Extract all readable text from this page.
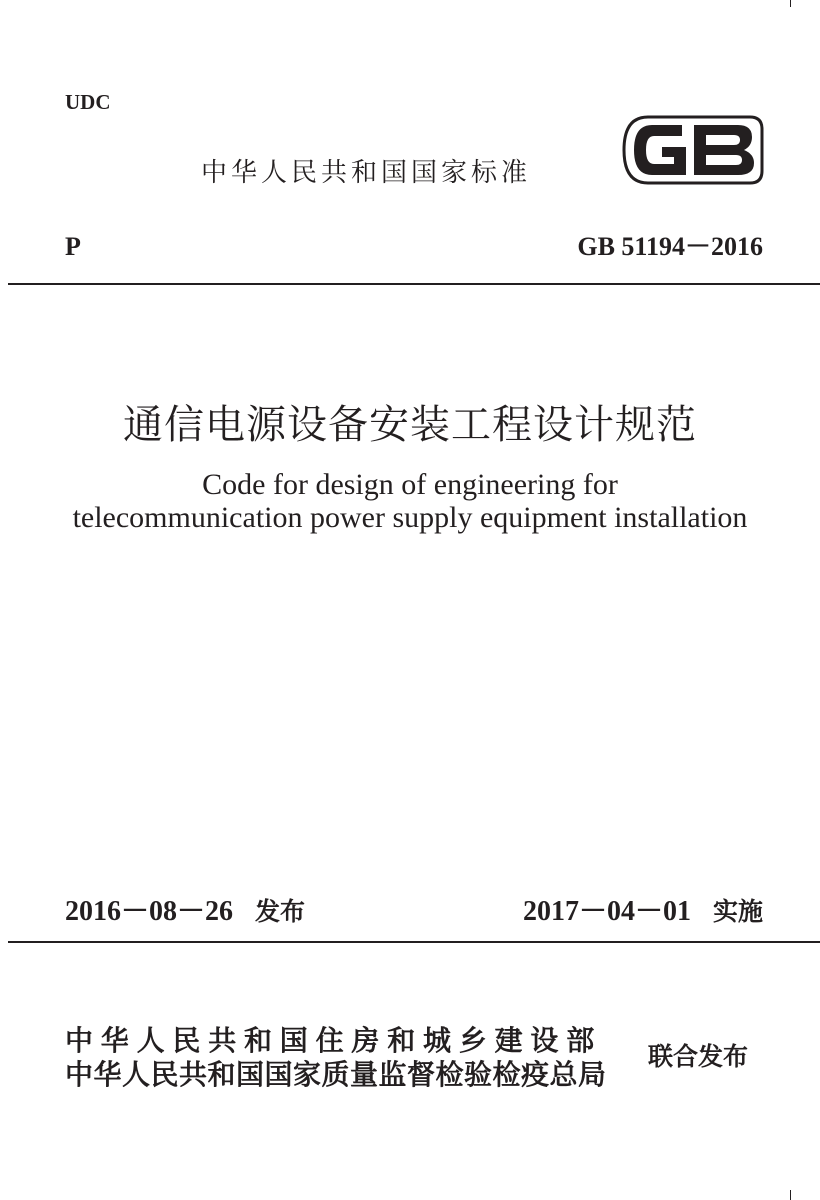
UDC
中华人民共和国国家标准
P	GB 51194－2016
通信电源设备安装工程设计规范
Code for design of engineering for
telecommunication power supply equipment installation
2016－08－26 发布	2017－04－01 实施
中华人民共和国住房和城乡建设部
中华人民共和国国家质量监督检验检疫总局
联合发布
